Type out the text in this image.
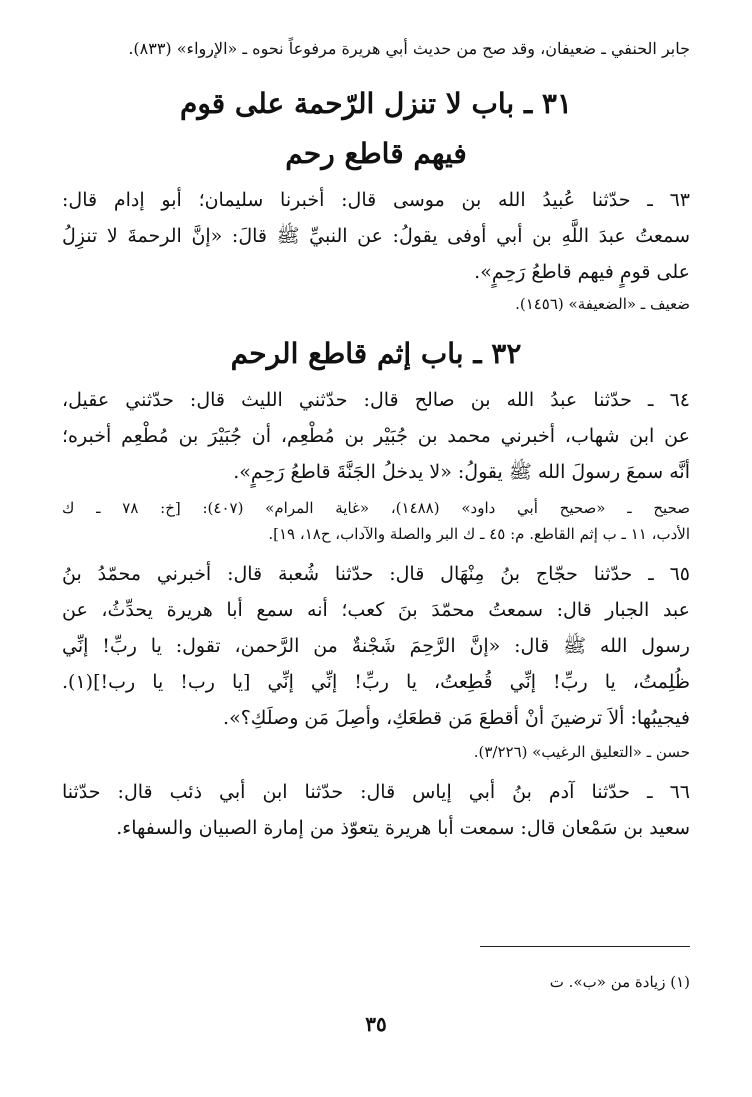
جابر الحنفي ـ ضعيفان، وقد صح من حديث أبي هريرة مرفوعاً نحوه ـ «الإرواء» (٨٣٣).

٣١ ـ باب لا تنزل الرّحمة على قوم
فيهم قاطع رحم

٦٣ ـ حدّثنا عُبيدُ الله بن موسى قال: أخبرنا سليمان؛ أبو إدام قال:

سمعتُ عبدَ اللَّهِ بن أبي أوفى يقولُ: عن النبيِّ ﷺ قالَ: «إنَّ الرحمةَ لا تنزِلُ

على قومٍ فيهم قاطعُ رَحِمٍ».

ضعيف ـ «الضعيفة» (١٤٥٦).

٣٢ ـ باب إثم قاطع الرحم

٦٤ ـ حدّثنا عبدُ الله بن صالح قال: حدّثني الليث قال: حدّثني عقيل،

عن ابن شهاب، أخبرني محمد بن جُبَيْر بن مُطْعِم، أن جُبَيْرَ بن مُطْعِم أخبره؛

أنَّه سمعَ رسولَ الله ﷺ يقولُ: «لا يدخلُ الجَنَّةَ قاطعُ رَحِمٍ».

صحيح ـ «صحيح أبي داود» (١٤٨٨)، «غاية المرام» (٤٠٧): [خ: ٧٨ ـ ك

الأدب، ١١ ـ ب إثم القاطع. م: ٤٥ ـ ك البر والصلة والآداب، ح١٨، ١٩].

٦٥ ـ حدّثنا حجّاج بنُ مِنْهَال قال: حدّثنا شُعبة قال: أخبرني محمّدُ بنُ

عبد الجبار قال: سمعتُ محمّدَ بنَ كعب؛ أنه سمع أبا هريرة يحدِّثُ، عن

رسول الله ﷺ قال: «إنَّ الرَّحِمَ شَجْنةٌ من الرَّحمن، تقول: يا ربِّ! إنِّي

ظُلِمتُ، يا ربِّ! إنِّي قُطِعتُ، يا ربِّ! إنِّي إنِّي [يا رب! يا رب!](١).

فيجيبُها: ألاَ ترضينَ أنْ أقطعَ مَن قطعَكِ، وأصِلَ مَن وصلَكِ؟».

حسن ـ «التعليق الرغيب» (٣/٢٢٦).

٦٦ ـ حدّثنا آدم بنُ أبي إياس قال: حدّثنا ابن أبي ذئب قال: حدّثنا

سعيد بن سَمْعان قال: سمعت أبا هريرة يتعوّذ من إمارة الصبيان والسفهاء.

(١) زيادة من «ب». ت

٣٥
